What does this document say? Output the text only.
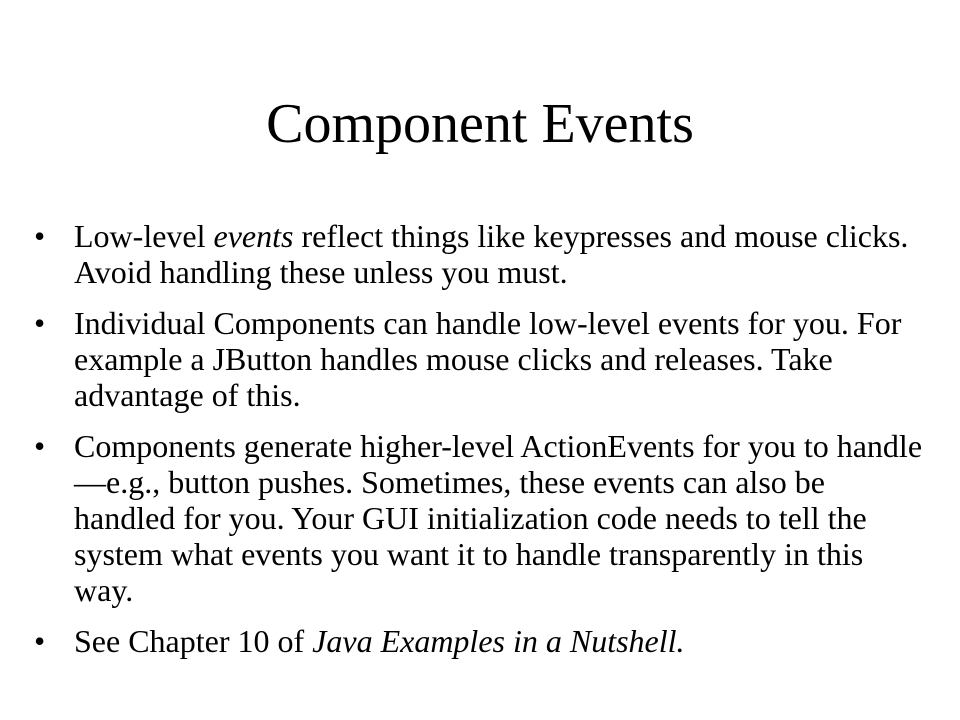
Component Events
• Low-level events reflect things like keypresses and mouse clicks. Avoid handling these unless you must.
• Individual Components can handle low-level events for you. For example a JButton handles mouse clicks and releases. Take advantage of this.
• Components generate higher-level ActionEvents for you to handle—e.g., button pushes. Sometimes, these events can also be handled for you. Your GUI initialization code needs to tell the system what events you want it to handle transparently in this way.
• See Chapter 10 of Java Examples in a Nutshell.
